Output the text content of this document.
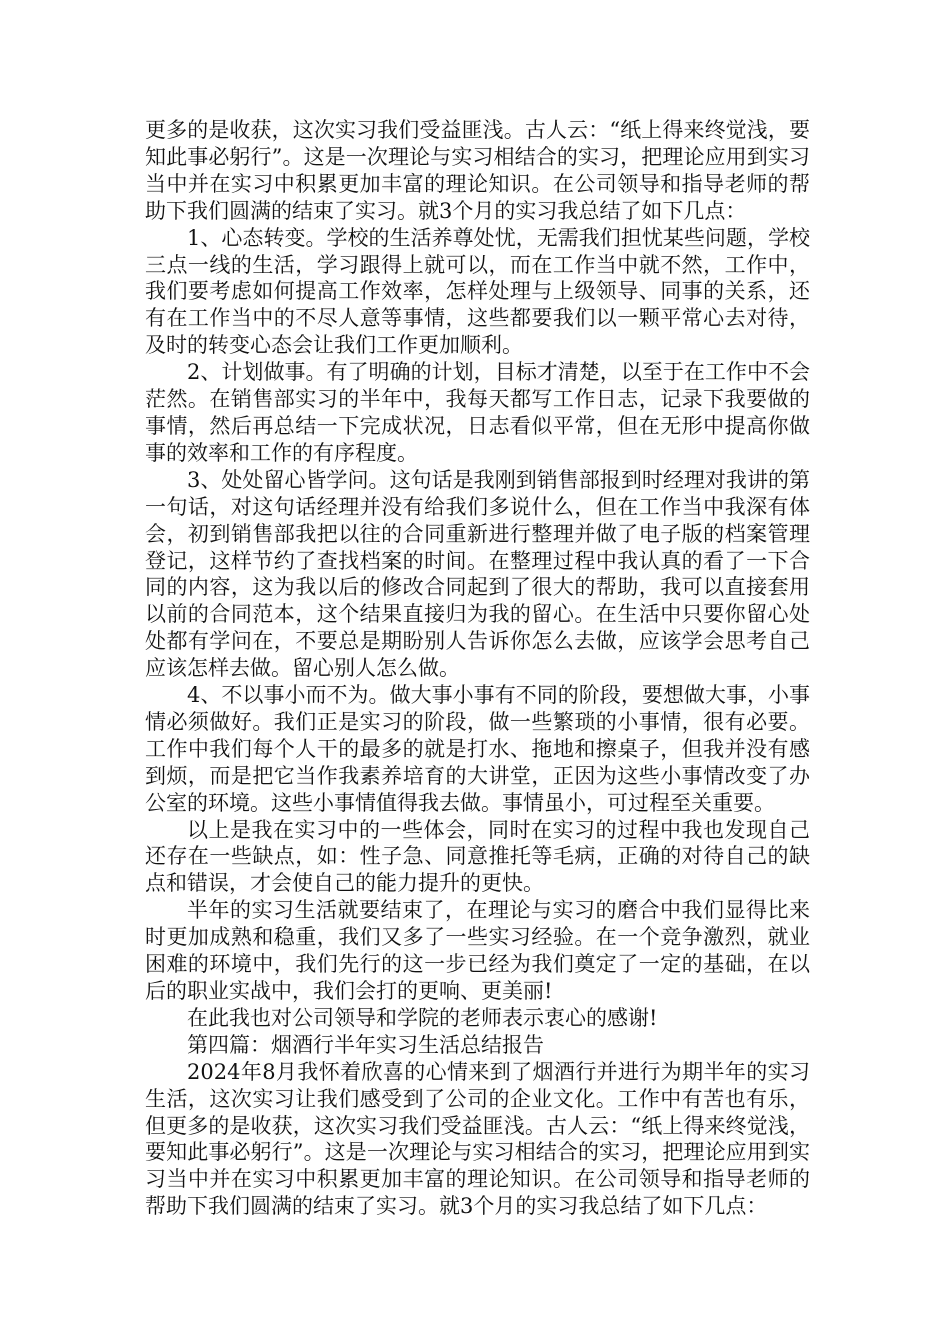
更多的是收获，这次实习我们受益匪浅。古人云：“纸上得来终觉浅，要知此事必躬行”。这是一次理论与实习相结合的实习，把理论应用到实习当中并在实习中积累更加丰富的理论知识。在公司领导和指导老师的帮助下我们圆满的结束了实习。就3个月的实习我总结了如下几点：

1、心态转变。学校的生活养尊处忧，无需我们担忧某些问题，学校三点一线的生活，学习跟得上就可以，而在工作当中就不然，工作中，我们要考虑如何提高工作效率，怎样处理与上级领导、同事的关系，还有在工作当中的不尽人意等事情，这些都要我们以一颗平常心去对待，及时的转变心态会让我们工作更加顺利。

2、计划做事。有了明确的计划，目标才清楚，以至于在工作中不会茫然。在销售部实习的半年中，我每天都写工作日志，记录下我要做的事情，然后再总结一下完成状况，日志看似平常，但在无形中提高你做事的效率和工作的有序程度。

3、处处留心皆学问。这句话是我刚到销售部报到时经理对我讲的第一句话，对这句话经理并没有给我们多说什么，但在工作当中我深有体会，初到销售部我把以往的合同重新进行整理并做了电子版的档案管理登记，这样节约了查找档案的时间。在整理过程中我认真的看了一下合同的内容，这为我以后的修改合同起到了很大的帮助，我可以直接套用以前的合同范本，这个结果直接归为我的留心。在生活中只要你留心处处都有学问在，不要总是期盼别人告诉你怎么去做，应该学会思考自己应该怎样去做。留心别人怎么做。

4、不以事小而不为。做大事小事有不同的阶段，要想做大事，小事情必须做好。我们正是实习的阶段，做一些繁琐的小事情，很有必要。工作中我们每个人干的最多的就是打水、拖地和擦桌子，但我并没有感到烦，而是把它当作我素养培育的大讲堂，正因为这些小事情改变了办公室的环境。这些小事情值得我去做。事情虽小，可过程至关重要。

以上是我在实习中的一些体会，同时在实习的过程中我也发现自己还存在一些缺点，如：性子急、同意推托等毛病，正确的对待自己的缺点和错误，才会使自己的能力提升的更快。

半年的实习生活就要结束了，在理论与实习的磨合中我们显得比来时更加成熟和稳重，我们又多了一些实习经验。在一个竞争激烈，就业困难的环境中，我们先行的这一步已经为我们奠定了一定的基础，在以后的职业实战中，我们会打的更响、更美丽!

在此我也对公司领导和学院的老师表示衷心的感谢!

第四篇：烟酒行半年实习生活总结报告

2024年8月我怀着欣喜的心情来到了烟酒行并进行为期半年的实习生活，这次实习让我们感受到了公司的企业文化。工作中有苦也有乐，但更多的是收获，这次实习我们受益匪浅。古人云：“纸上得来终觉浅，要知此事必躬行”。这是一次理论与实习相结合的实习，把理论应用到实习当中并在实习中积累更加丰富的理论知识。在公司领导和指导老师的帮助下我们圆满的结束了实习。就3个月的实习我总结了如下几点：
